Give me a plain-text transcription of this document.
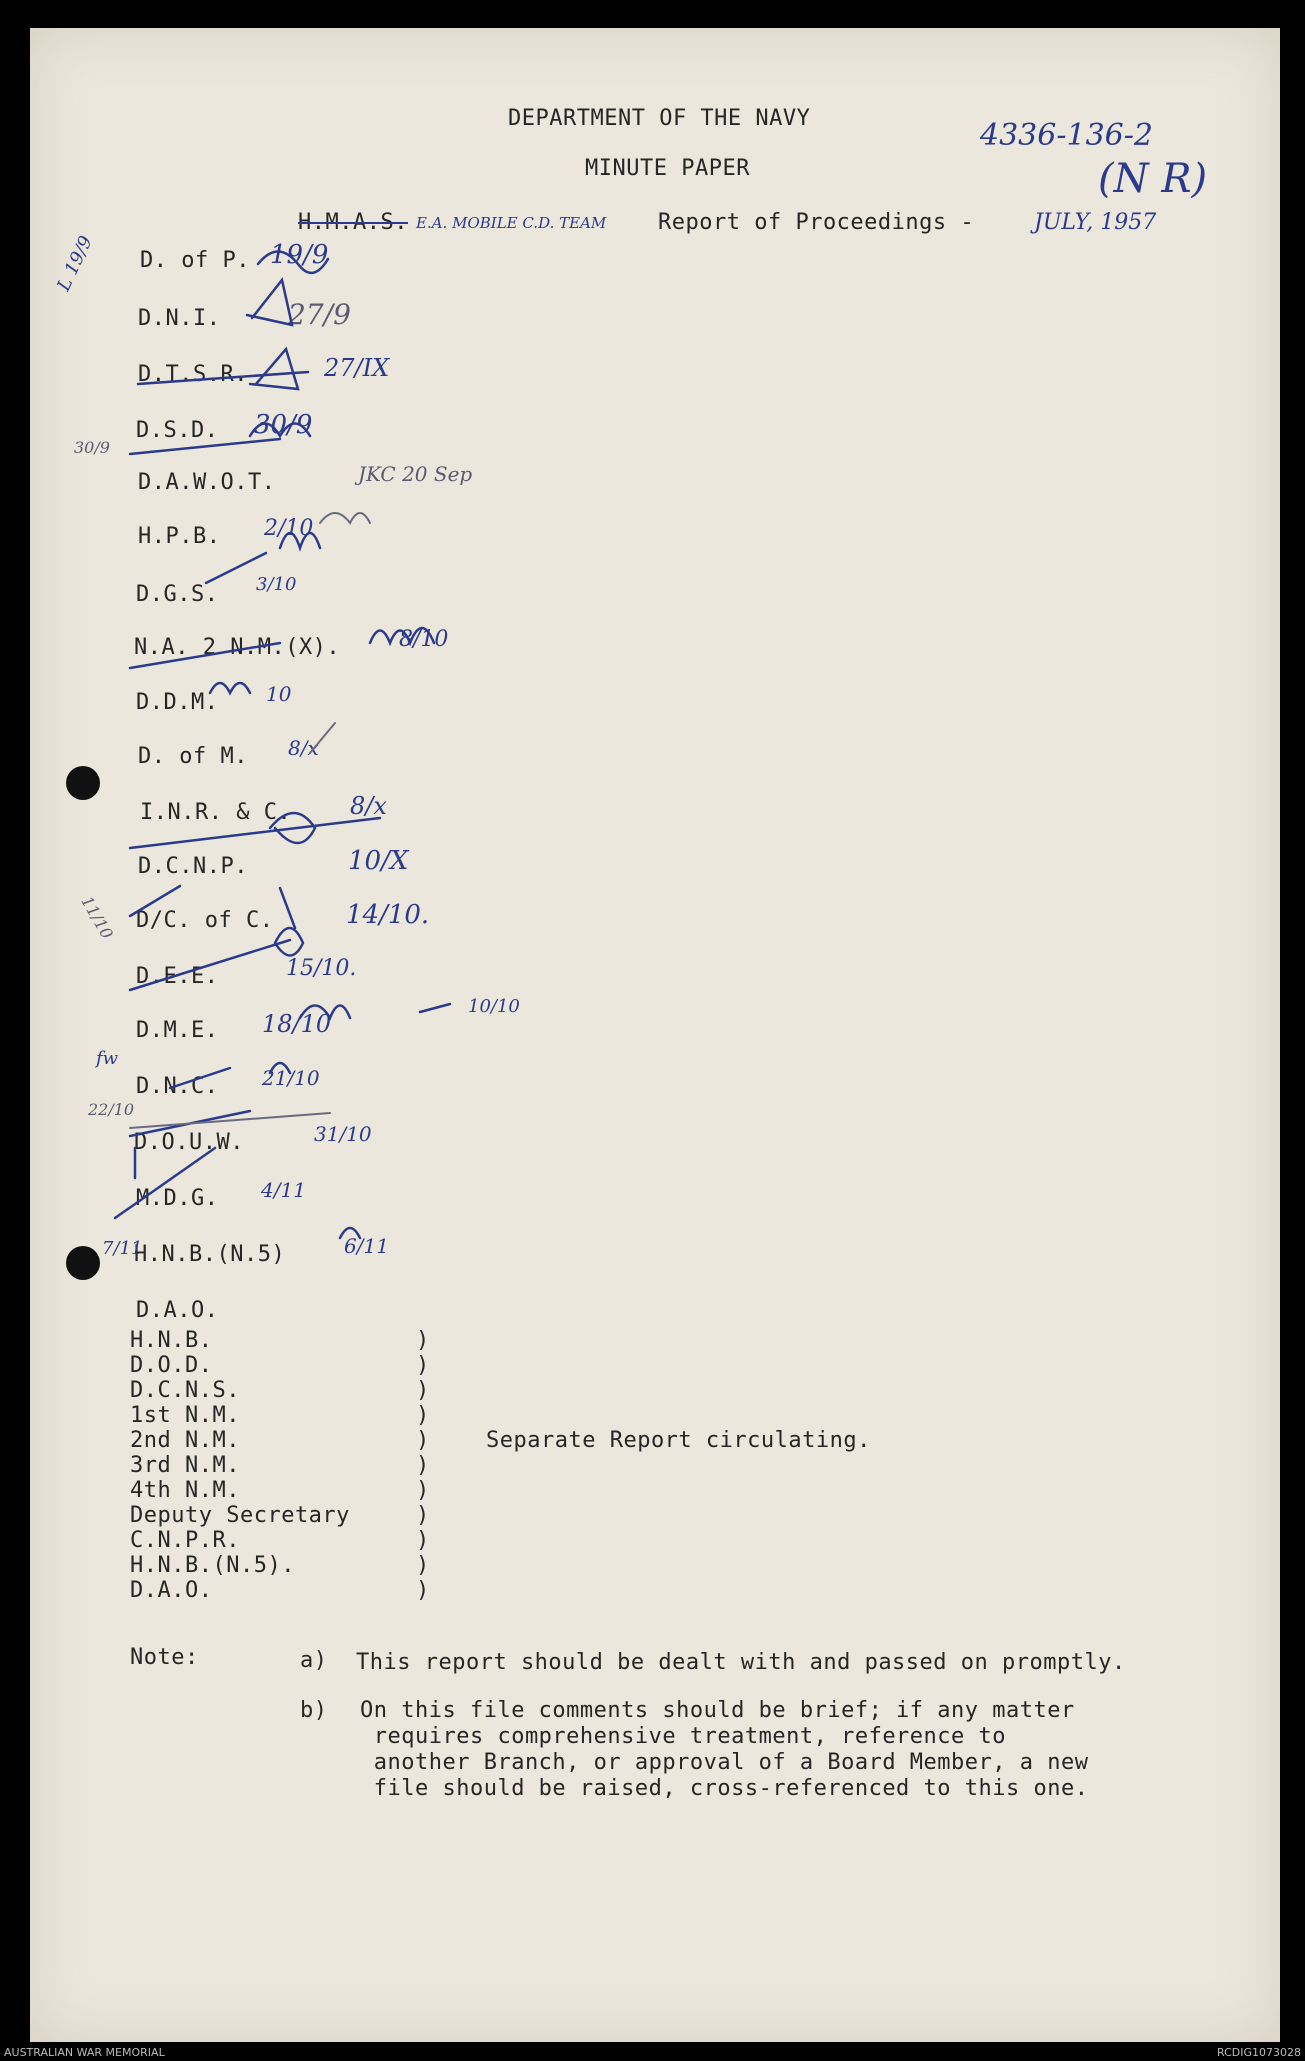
DEPARTMENT OF THE NAVY
MINUTE PAPER
4336-136-2
(N R)
H.M.A.S. E.A. MOBILE C.D. TEAM Report of Proceedings -	JULY, 1957
L 19/9 D. of P. 19/9
D.N.I. 27/9
D.T.S.R.	27/IX
D.S.D. 30/9
D.A.W.O.T.	JKC 20 Sep
H.P.B. 2/10
D.G.S. 3/10
N.A. 2 N.M.(X).	8/10
D.D.M. 10
D. of M. 8/x
I.N.R. & C. 8/x
D.C.N.P.	10/X
D/C. of C.	14/10.
D.E.E.	15/10.
D.M.E. 18/10
D.N.C. 21/10
D.O.U.W.	31/10
M.D.G. 4/11
H.N.B.(N.5)	6/11
D.A.O.
30/9
10/10
11/10
fw
22/10
7/11
H.N.B.	)
D.O.D.	)
D.C.N.S.	)
1st N.M.	)
2nd N.M.	)
3rd N.M.	)
4th N.M.	)
Deputy Secretary	)
C.N.P.R.	)
H.N.B.(N.5).	)
D.A.O.	)
Separate Report circulating.
Note:	a) This report should be dealt with and passed on promptly.
b) On this file comments should be brief; if any matter
requires comprehensive treatment, reference to
another Branch, or approval of a Board Member, a new
file should be raised, cross-referenced to this one.
AUSTRALIAN WAR MEMORIAL	RCDIG1073028
